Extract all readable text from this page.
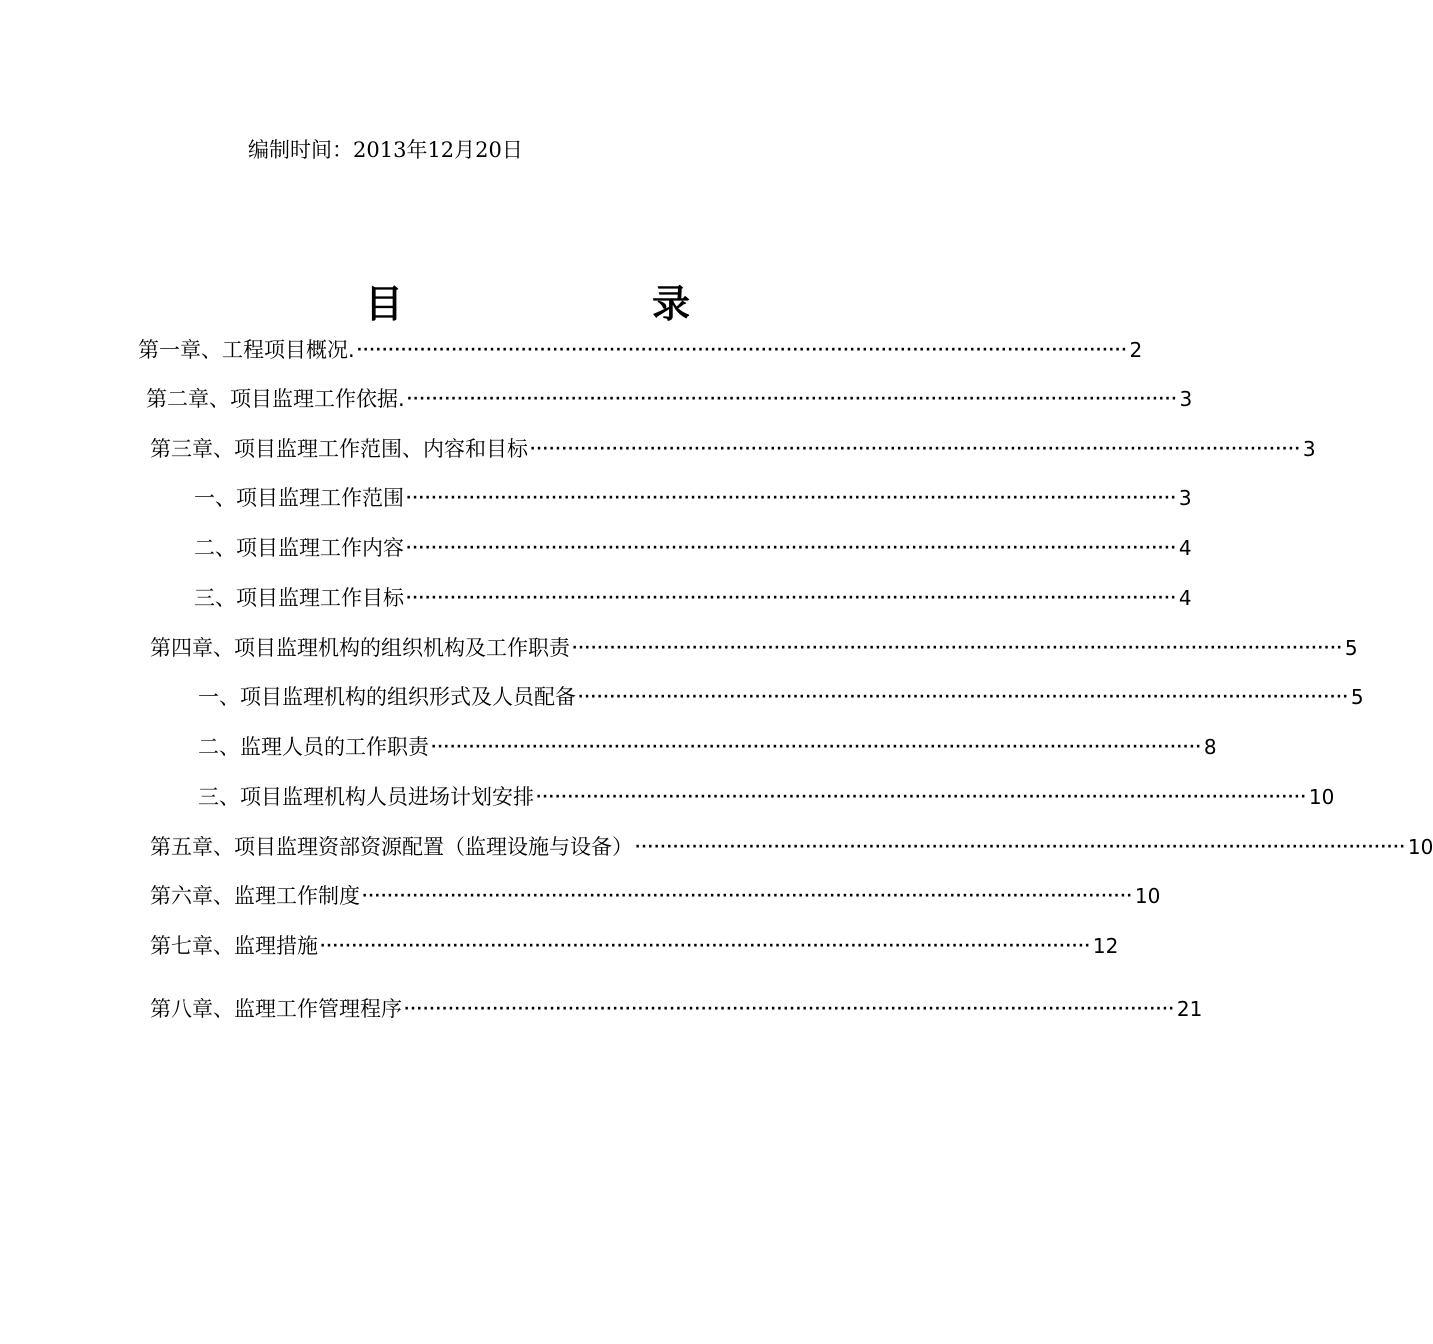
编制时间：2013年12月20日
目	录
第一章、工程项目概况. ·························································································································· 2
第二章、项目监理工作依据. ·························································································································· 3
第三章、项目监理工作范围、内容和目标 ·························································································································· 3
一、项目监理工作范围 ·························································································································· 3
二、项目监理工作内容 ·························································································································· 4
三、项目监理工作目标 ·························································································································· 4
第四章、项目监理机构的组织机构及工作职责 ·························································································································· 5
一、项目监理机构的组织形式及人员配备 ·························································································································· 5
二、监理人员的工作职责 ·························································································································· 8
三、项目监理机构人员进场计划安排 ·························································································································· 10
第五章、项目监理资部资源配置（监理设施与设备） ·························································································································· 10
第六章、监理工作制度 ·························································································································· 10
第七章、监理措施 ·························································································································· 12
第八章、监理工作管理程序 ·························································································································· 21
